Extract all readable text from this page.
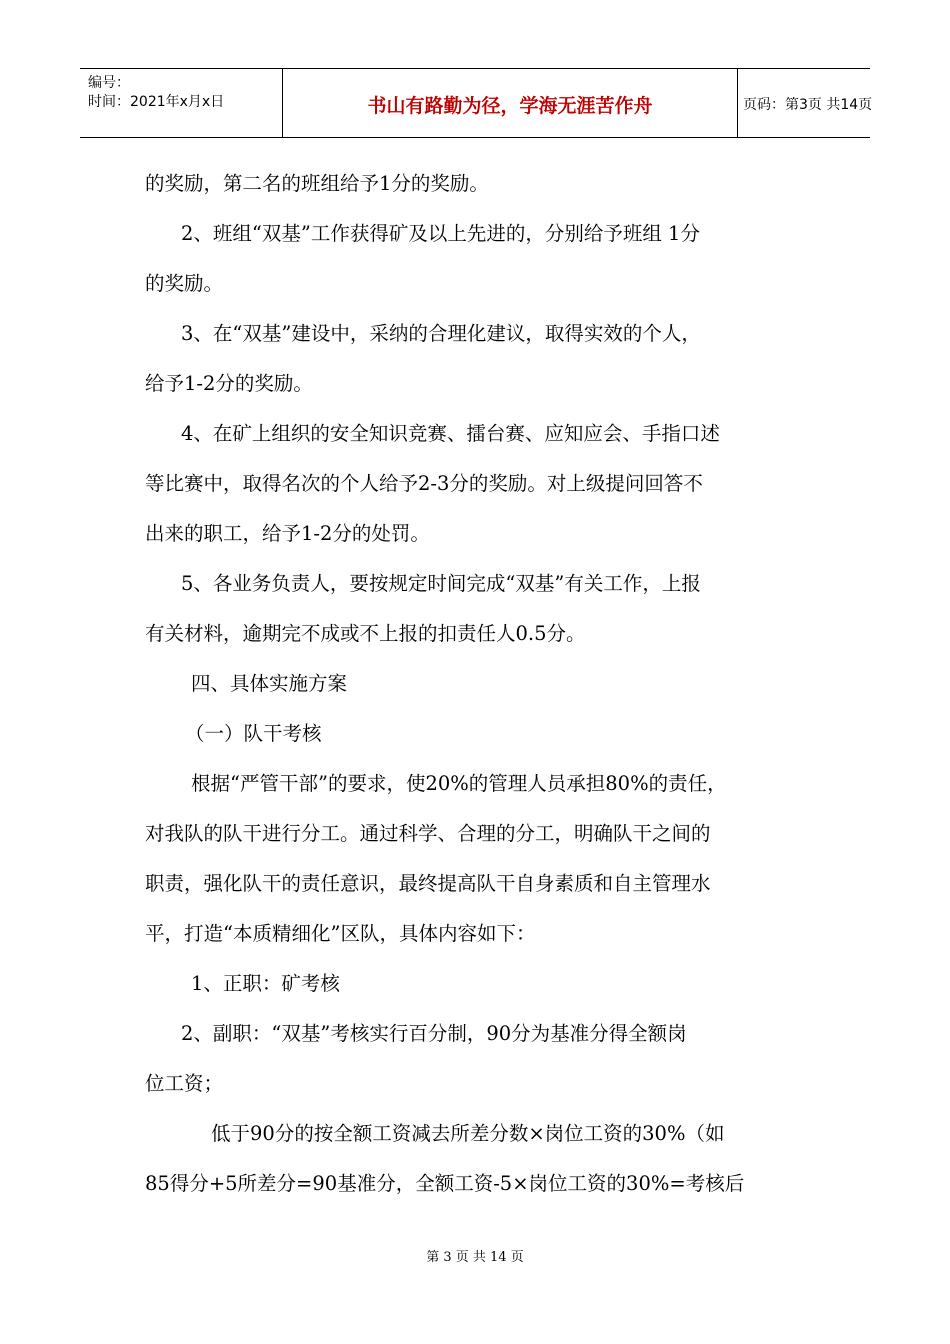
编号：
时间：2021年x月x日	书山有路勤为径，学海无涯苦作舟	页码：第3页 共14页
的奖励，第二名的班组给予1分的奖励。
2、班组“双基”工作获得矿及以上先进的，分别给予班组 1分
的奖励。
3、在“双基”建设中，采纳的合理化建议，取得实效的个人，
给予1-2分的奖励。
4、在矿上组织的安全知识竞赛、擂台赛、应知应会、手指口述
等比赛中，取得名次的个人给予2-3分的奖励。对上级提问回答不
出来的职工，给予1-2分的处罚。
5、各业务负责人，要按规定时间完成“双基”有关工作，上报
有关材料，逾期完不成或不上报的扣责任人0.5分。
四、具体实施方案
（一）队干考核
根据“严管干部”的要求，使20%的管理人员承担80%的责任，
对我队的队干进行分工。通过科学、合理的分工，明确队干之间的
职责，强化队干的责任意识，最终提高队干自身素质和自主管理水
平，打造“本质精细化”区队，具体内容如下：
1、正职：矿考核
2、副职：“双基”考核实行百分制，90分为基准分得全额岗
位工资；
低于90分的按全额工资减去所差分数×岗位工资的30%（如
85得分+5所差分=90基准分，全额工资-5×岗位工资的30%=考核后
第 3 页 共 14 页
